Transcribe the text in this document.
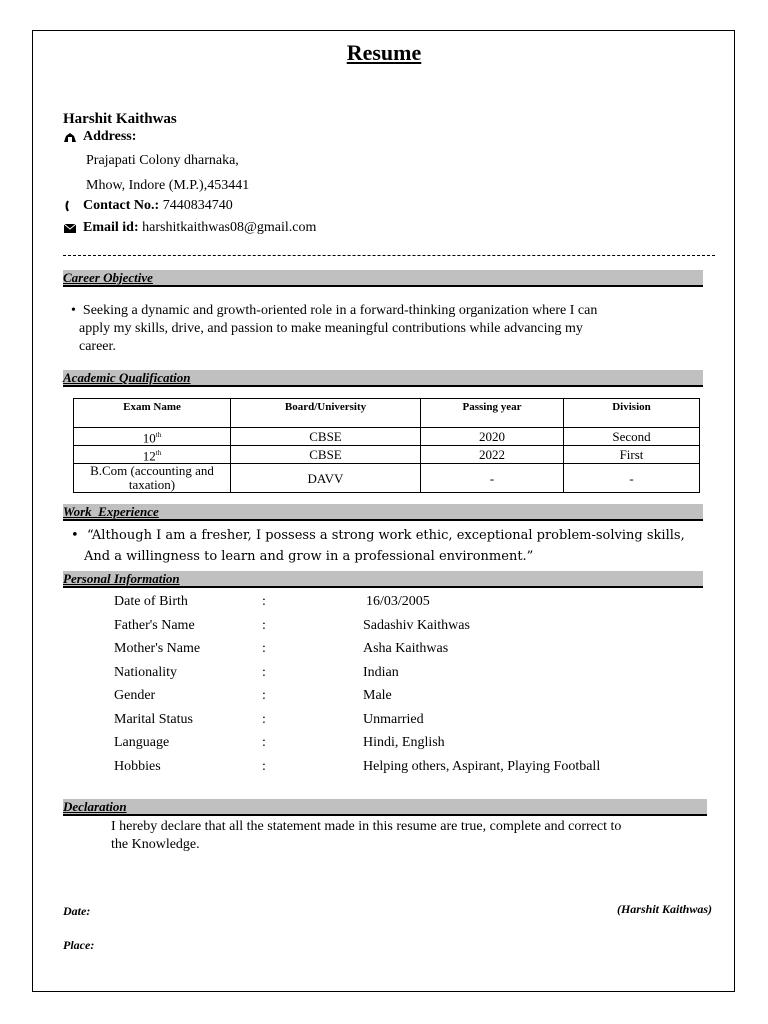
Resume
Harshit Kaithwas
Address:
Prajapati Colony dharnaka,
Mhow, Indore (M.P.),453441
Contact No.: 7440834740
Email id: harshitkaithwas08@gmail.com
Career Objective
•  Seeking a dynamic and growth-oriented role in a forward-thinking organization where I can
apply my skills, drive, and passion to make meaningful contributions while advancing my
career.
Academic Qualification
Exam Name	Board/University	Passing year	Division
10th	CBSE	2020	Second
12th	CBSE	2022	First
B.Com (accounting and taxation)	DAVV	-	-
Work  Experience
•  “Although I am a fresher, I possess a strong work ethic, exceptional problem-solving skills,
And a willingness to learn and grow in a professional environment.”
Personal Information
Date of Birth	:	16/03/2005
Father's Name	:	Sadashiv Kaithwas
Mother's Name	:	Asha Kaithwas
Nationality	:	Indian
Gender	:	Male
Marital Status	:	Unmarried
Language	:	Hindi, English
Hobbies	:	Helping others, Aspirant, Playing Football
Declaration
I hereby declare that all the statement made in this resume are true, complete and correct to
the Knowledge.
Date:
Place:
(Harshit Kaithwas)
